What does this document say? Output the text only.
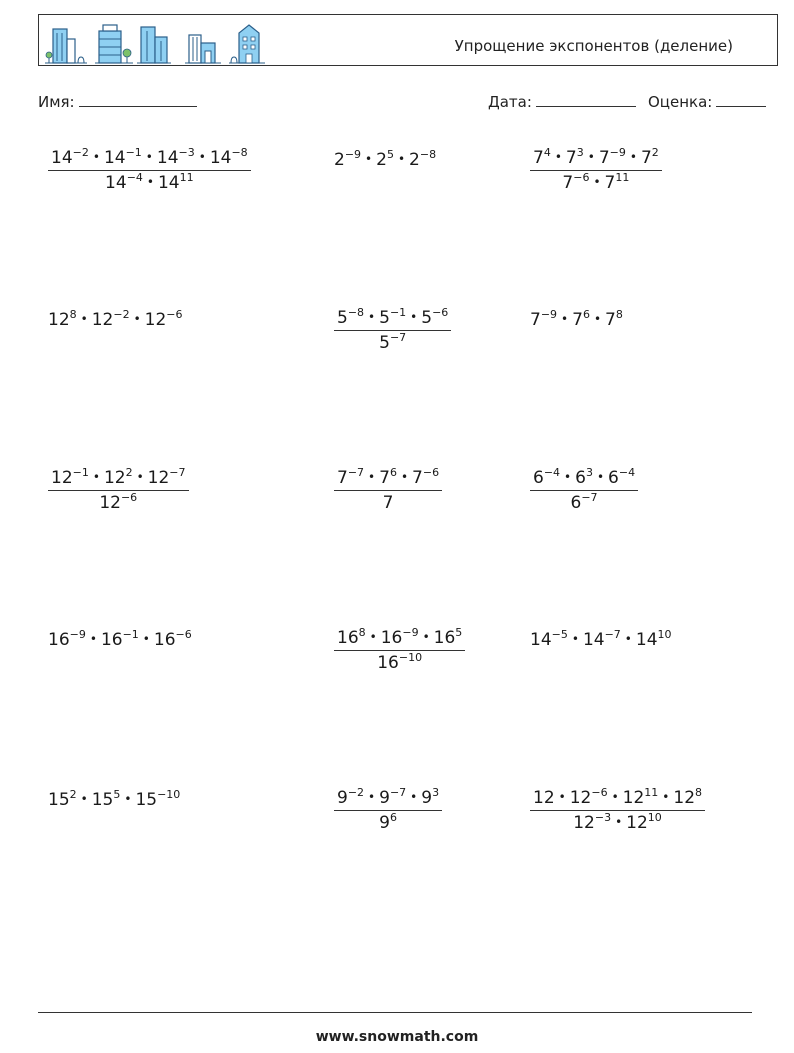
Упрощение экспонентов (деление)
Имя:	Дата:	Оценка:
$\frac{14^{-2} • 14^{-1} • 14^{-3} • 14^{-8}}{14^{-4} • 14^{11}}$	$2^{-9}$ • $2^5$ • $2^{-8}$	$\frac{7^4 • 7^3 • 7^{-9} • 7^2}{7^{-6} • 7^{11}}$
$12^8$ • $12^{-2}$ • $12^{-6}$	$\frac{5^{-8} • 5^{-1} • 5^{-6}}{5^{-7}}$	$7^{-9}$ • $7^6$ • $7^8$
$\frac{12^{-1} • 12^2 • 12^{-7}}{12^{-6}}$	$\frac{7^{-7} • 7^6 • 7^{-6}}{7}$	$\frac{6^{-4} • 6^3 • 6^{-4}}{6^{-7}}$
$16^{-9}$ • $16^{-1}$ • $16^{-6}$	$\frac{16^8 • 16^{-9} • 16^5}{16^{-10}}$	$14^{-5}$ • $14^{-7}$ • $14^{10}$
$15^2$ • $15^5$ • $15^{-10}$	$\frac{9^{-2} • 9^{-7} • 9^3}{9^6}$	$\frac{12 • 12^{-6} • 12^{11} • 12^8}{12^{-3} • 12^{10}}$
www.snowmath.com
